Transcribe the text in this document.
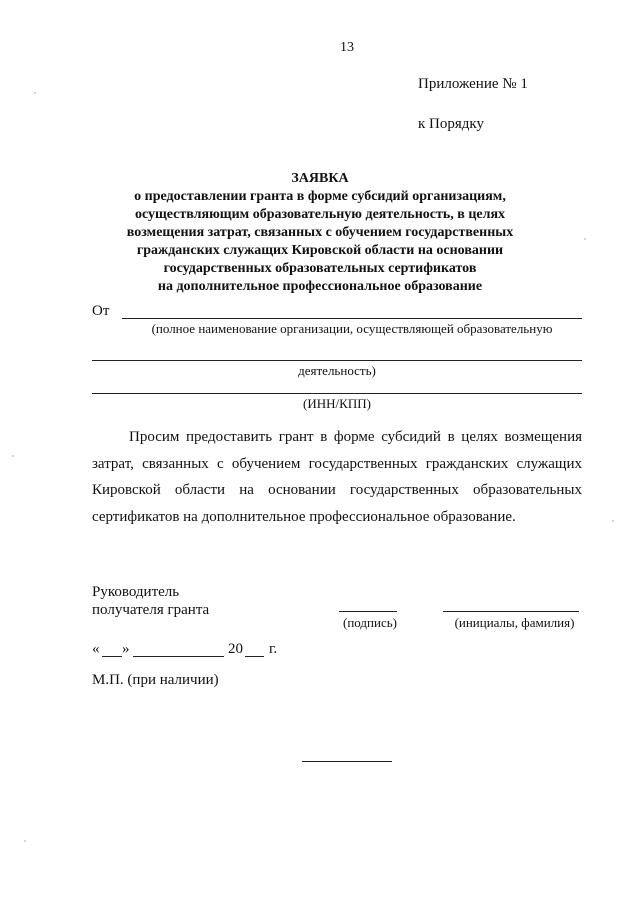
13
Приложение № 1
к Порядку
ЗАЯВКА
о предоставлении гранта в форме субсидий организациям,
осуществляющим образовательную деятельность, в целях
возмещения затрат, связанных с обучением государственных
гражданских служащих Кировской области на основании
государственных образовательных сертификатов
на дополнительное профессиональное образование
От
(полное наименование организации, осуществляющей образовательную
деятельность)
(ИНН/КПП)

Просим предоставить грант в форме субсидий в целях возмещения затрат, связанных с обучением государственных гражданских служащих Кировской области на основании государственных образовательных сертификатов на дополнительное профессиональное образование.

Руководитель
получателя гранта
(подпись)	(инициалы, фамилия)
« »	20 г.
М.П. (при наличии)
